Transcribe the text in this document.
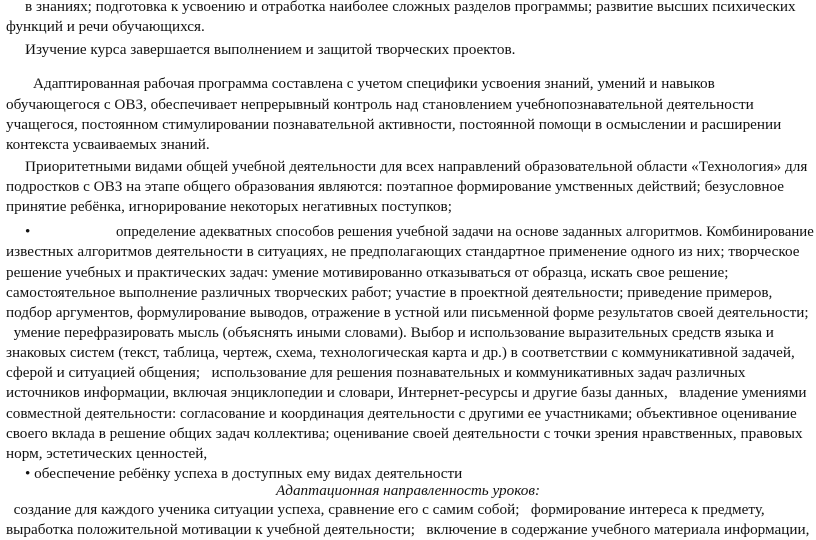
в знаниях; подготовка к усвоению и отработка наиболее сложных разделов программы; развитие высших психических
функций и речи обучающихся.
Изучение курса завершается выполнением и защитой творческих проектов.
Адаптированная рабочая программа составлена с учетом специфики усвоения знаний, умений и навыков
обучающегося с ОВЗ, обеспечивает непрерывный контроль над становлением учебнопознавательной деятельности
учащегося, постоянном стимулировании познавательной активности, постоянной помощи в осмыслении и расширении
контекста усваиваемых знаний.
Приоритетными видами общей учебной деятельности для всех направлений образовательной области «Технология» для
подростков с ОВЗ на этапе общего образования являются: поэтапное формирование умственных действий; безусловное
принятие ребёнка, игнорирование некоторых негативных поступков;
•	определение адекватных способов решения учебной задачи на основе заданных алгоритмов. Комбинирование
известных алгоритмов деятельности в ситуациях, не предполагающих стандартное применение одного из них; творческое
решение учебных и практических задач: умение мотивированно отказываться от образца, искать свое решение;
самостоятельное выполнение различных творческих работ; участие в проектной деятельности; приведение примеров,
подбор аргументов, формулирование выводов, отражение в устной или письменной форме результатов своей деятельности;
умение перефразировать мысль (объяснять иными словами). Выбор и использование выразительных средств языка и
знаковых систем (текст, таблица, чертеж, схема, технологическая карта и др.) в соответствии с коммуникативной задачей,
сферой и ситуацией общения;   использование для решения познавательных и коммуникативных задач различных
источников информации, включая энциклопедии и словари, Интернет-ресурсы и другие базы данных,   владение умениями
совместной деятельности: согласование и координация деятельности с другими ее участниками; объективное оценивание
своего вклада в решение общих задач коллектива; оценивание своей деятельности с точки зрения нравственных, правовых
норм, эстетических ценностей,
• обеспечение ребёнку успеха в доступных ему видах деятельности
Адаптационная направленность уроков:
создание для каждого ученика ситуации успеха, сравнение его с самим собой;   формирование интереса к предмету,
выработка положительной мотивации к учебной деятельности;   включение в содержание учебного материала информации,
